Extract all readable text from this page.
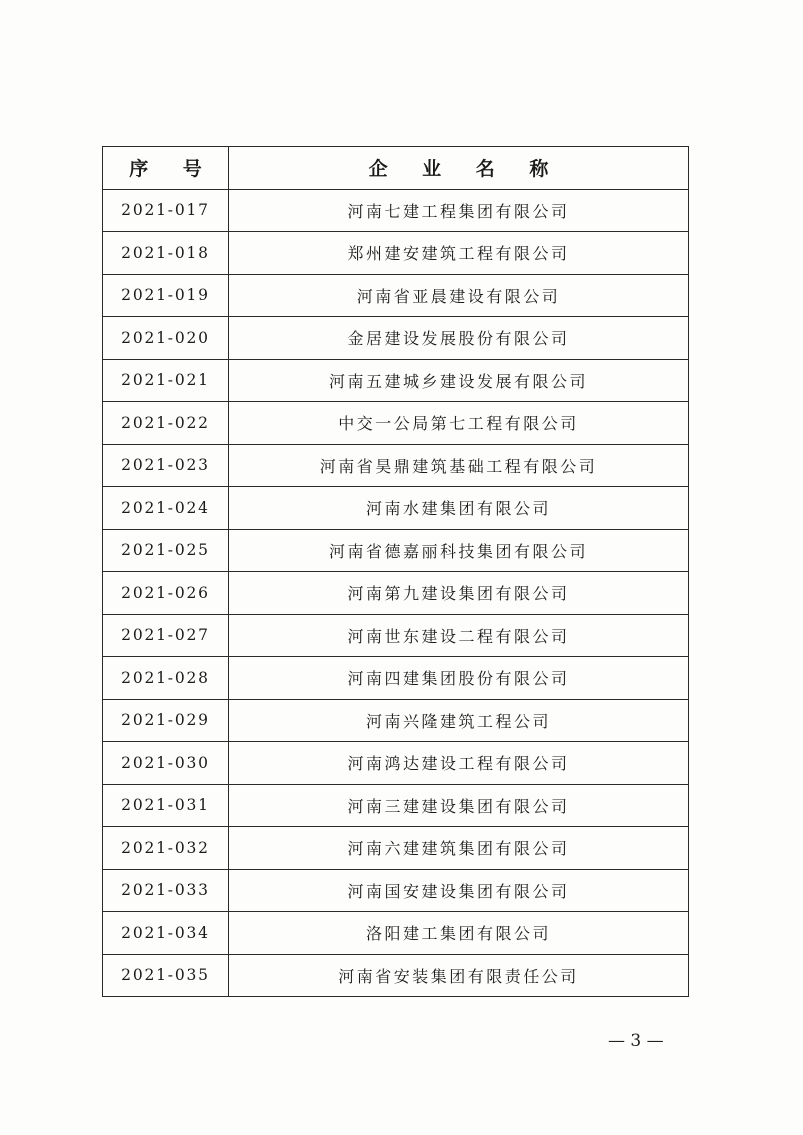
序 号	企 业 名 称
2021-017	河南七建工程集团有限公司
2021-018	郑州建安建筑工程有限公司
2021-019	河南省亚晨建设有限公司
2021-020	金居建设发展股份有限公司
2021-021	河南五建城乡建设发展有限公司
2021-022	中交一公局第七工程有限公司
2021-023	河南省昊鼎建筑基础工程有限公司
2021-024	河南水建集团有限公司
2021-025	河南省德嘉丽科技集团有限公司
2021-026	河南第九建设集团有限公司
2021-027	河南世东建设二程有限公司
2021-028	河南四建集团股份有限公司
2021-029	河南兴隆建筑工程公司
2021-030	河南鸿达建设工程有限公司
2021-031	河南三建建设集团有限公司
2021-032	河南六建建筑集团有限公司
2021-033	河南国安建设集团有限公司
2021-034	洛阳建工集团有限公司
2021-035	河南省安装集团有限责任公司
— 3 —
